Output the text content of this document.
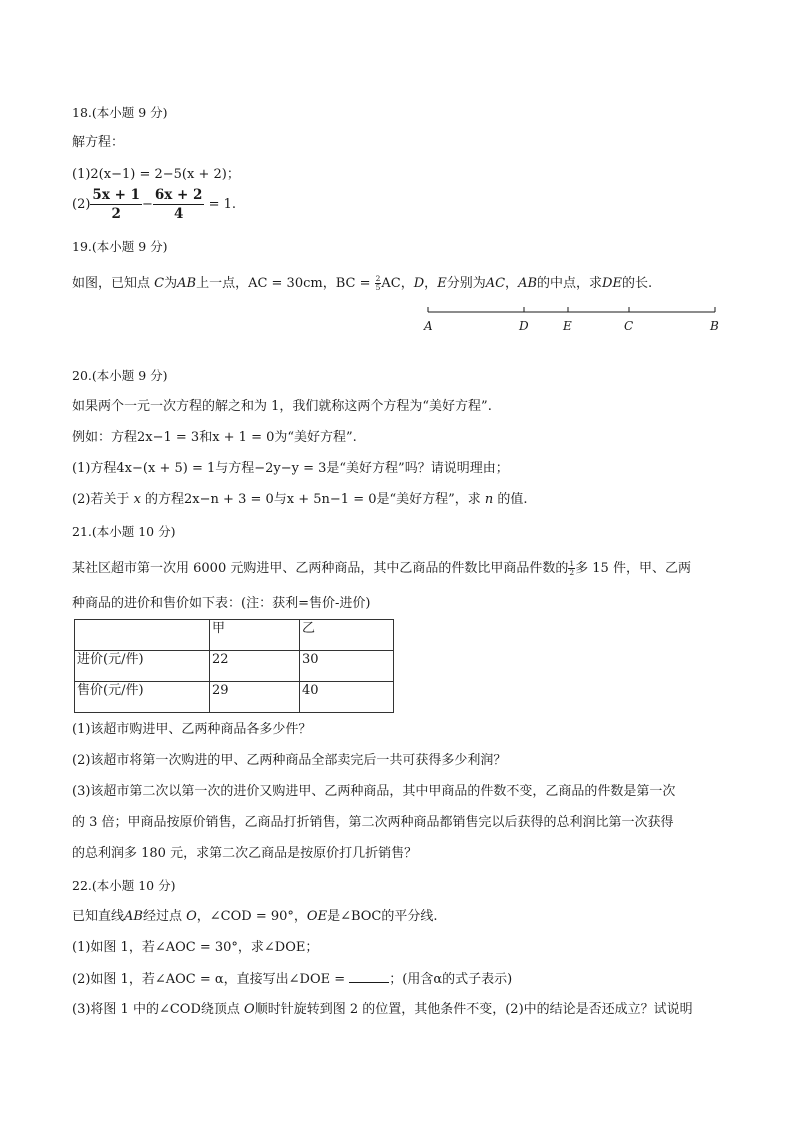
18.(本小题 9 分)
解方程：
(1)2(x−1) = 2−5(x + 2)；
$(2) \frac{5x + 1}{2} - \frac{6x + 2}{4} = 1$.
19.(本小题 9 分)
如图，已知点 C为AB上一点，AC = 30cm，BC = $\frac{2}{5}$ AC，D，E分别为AC，AB的中点，求DE的长.
A	D	E	C	B
20.(本小题 9 分)
如果两个一元一次方程的解之和为 1，我们就称这两个方程为“美好方程”.
例如：方程2x−1 = 3和x + 1 = 0为“美好方程”.
(1)方程4x−(x + 5) = 1与方程−2y−y = 3是“美好方程”吗？请说明理由；
(2)若关于 x 的方程2x−n + 3 = 0与x + 5n−1 = 0是“美好方程”，求 n 的值.
21.(本小题 10 分)
某社区超市第一次用 6000 元购进甲、乙两种商品，其中乙商品的件数比甲商品件数的 $\frac{1}{2}$ 多 15 件，甲、乙两
种商品的进价和售价如下表：(注：获利=售价-进价)
	甲	乙
进价(元/件)	22	30
售价(元/件)	29	40
(1)该超市购进甲、乙两种商品各多少件？
(2)该超市将第一次购进的甲、乙两种商品全部卖完后一共可获得多少利润？
(3)该超市第二次以第一次的进价又购进甲、乙两种商品，其中甲商品的件数不变，乙商品的件数是第一次
的 3 倍；甲商品按原价销售，乙商品打折销售，第二次两种商品都销售完以后获得的总利润比第一次获得
的总利润多 180 元，求第二次乙商品是按原价打几折销售？
22.(本小题 10 分)
已知直线AB经过点 O，∠COD = 90°，OE是∠BOC的平分线.
(1)如图 1，若∠AOC = 30°，求∠DOE；
(2)如图 1，若∠AOC = α，直接写出∠DOE =	；(用含α的式子表示)
(3)将图 1 中的∠COD绕顶点 O顺时针旋转到图 2 的位置，其他条件不变，(2)中的结论是否还成立？试说明
